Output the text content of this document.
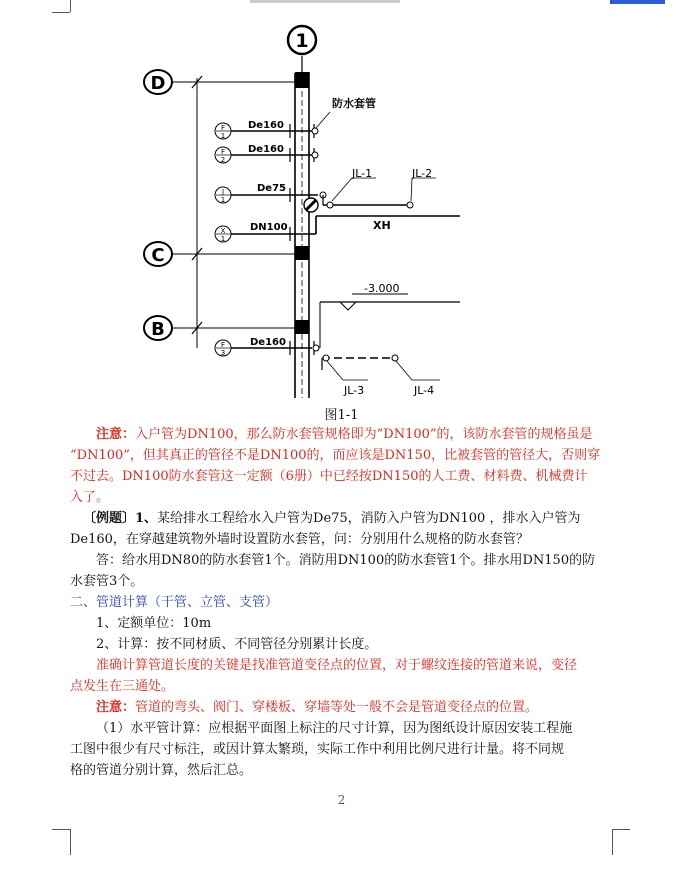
1
D
C
B
防水套管
F
1
De160
F
2
De160
J
1
De75
JL-1	JL-2
X
1
DN100	XH
-3.000
F
3
De160
JL-3	JL-4
图1-1

注意：入户管为DN100，那么防水套管规格即为“DN100”的，该防水套管的规格虽是

“DN100”，但其真正的管径不是DN100的，而应该是DN150，比被套管的管径大，否则穿

不过去。DN100防水套管这一定额（6册）中已经按DN150的人工费、材料费、机械费计

入了。

〔例题〕1、某给排水工程给水入户管为De75，消防入户管为DN100 ，排水入户管为

De160，在穿越建筑物外墙时设置防水套管，问：分别用什么规格的防水套管？

答：给水用DN80的防水套管1个。消防用DN100的防水套管1个。排水用DN150的防

水套管3个。

二、管道计算（干管、立管、支管）

1、定额单位：10m

2、计算：按不同材质、不同管径分别累计长度。

准确计算管道长度的关键是找准管道变径点的位置，对于螺纹连接的管道来说，变径

点发生在三通处。

注意：管道的弯头、阀门、穿楼板、穿墙等处一般不会是管道变径点的位置。

（1）水平管计算：应根据平面图上标注的尺寸计算，因为图纸设计原因安装工程施

工图中很少有尺寸标注，或因计算太繁琐，实际工作中利用比例尺进行计量。将不同规

格的管道分别计算，然后汇总。

2
